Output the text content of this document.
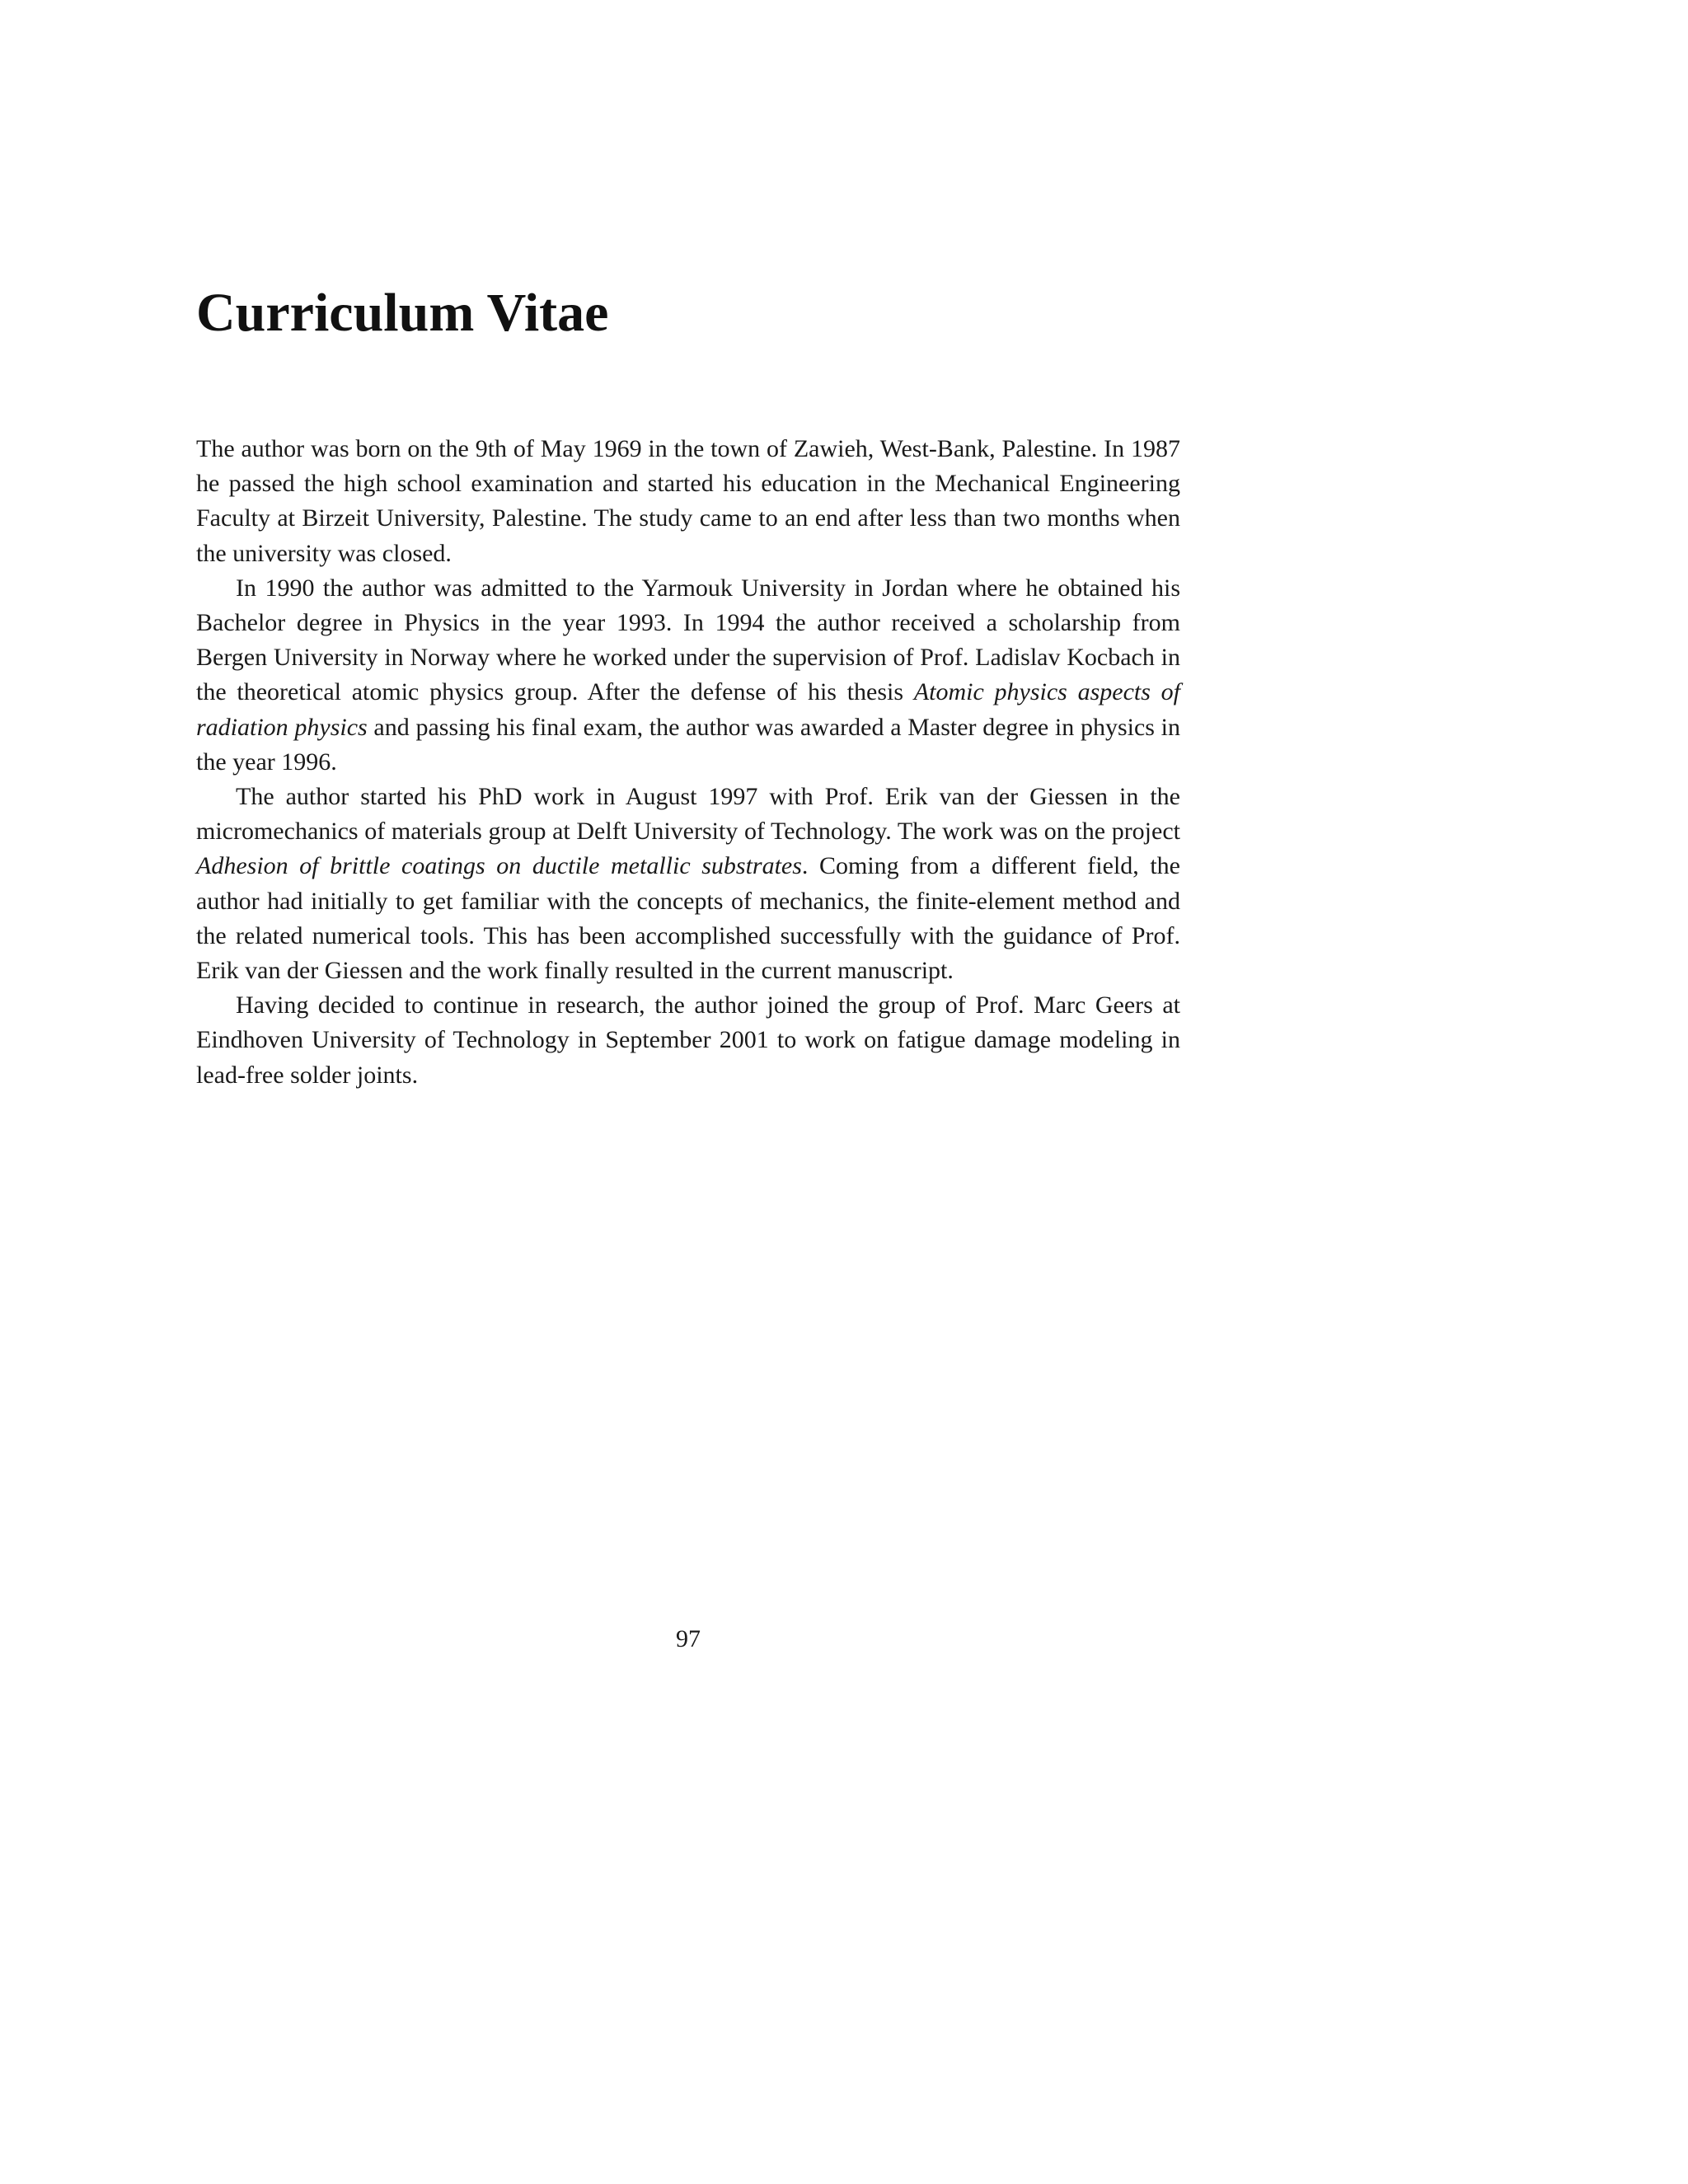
Curriculum Vitae

The author was born on the 9th of May 1969 in the town of Zawieh, West-Bank, Palestine. In 1987 he passed the high school examination and started his education in the Mechanical Engineering Faculty at Birzeit University, Palestine. The study came to an end after less than two months when the university was closed.

In 1990 the author was admitted to the Yarmouk University in Jordan where he obtained his Bachelor degree in Physics in the year 1993. In 1994 the author received a scholarship from Bergen University in Norway where he worked under the supervision of Prof. Ladislav Kocbach in the theoretical atomic physics group. After the defense of his thesis Atomic physics aspects of radiation physics and passing his final exam, the author was awarded a Master degree in physics in the year 1996.

The author started his PhD work in August 1997 with Prof. Erik van der Giessen in the micromechanics of materials group at Delft University of Technology. The work was on the project Adhesion of brittle coatings on ductile metallic substrates. Coming from a different field, the author had initially to get familiar with the concepts of mechanics, the finite-element method and the related numerical tools. This has been accomplished successfully with the guidance of Prof. Erik van der Giessen and the work finally resulted in the current manuscript.

Having decided to continue in research, the author joined the group of Prof. Marc Geers at Eindhoven University of Technology in September 2001 to work on fatigue damage modeling in lead-free solder joints.

97
